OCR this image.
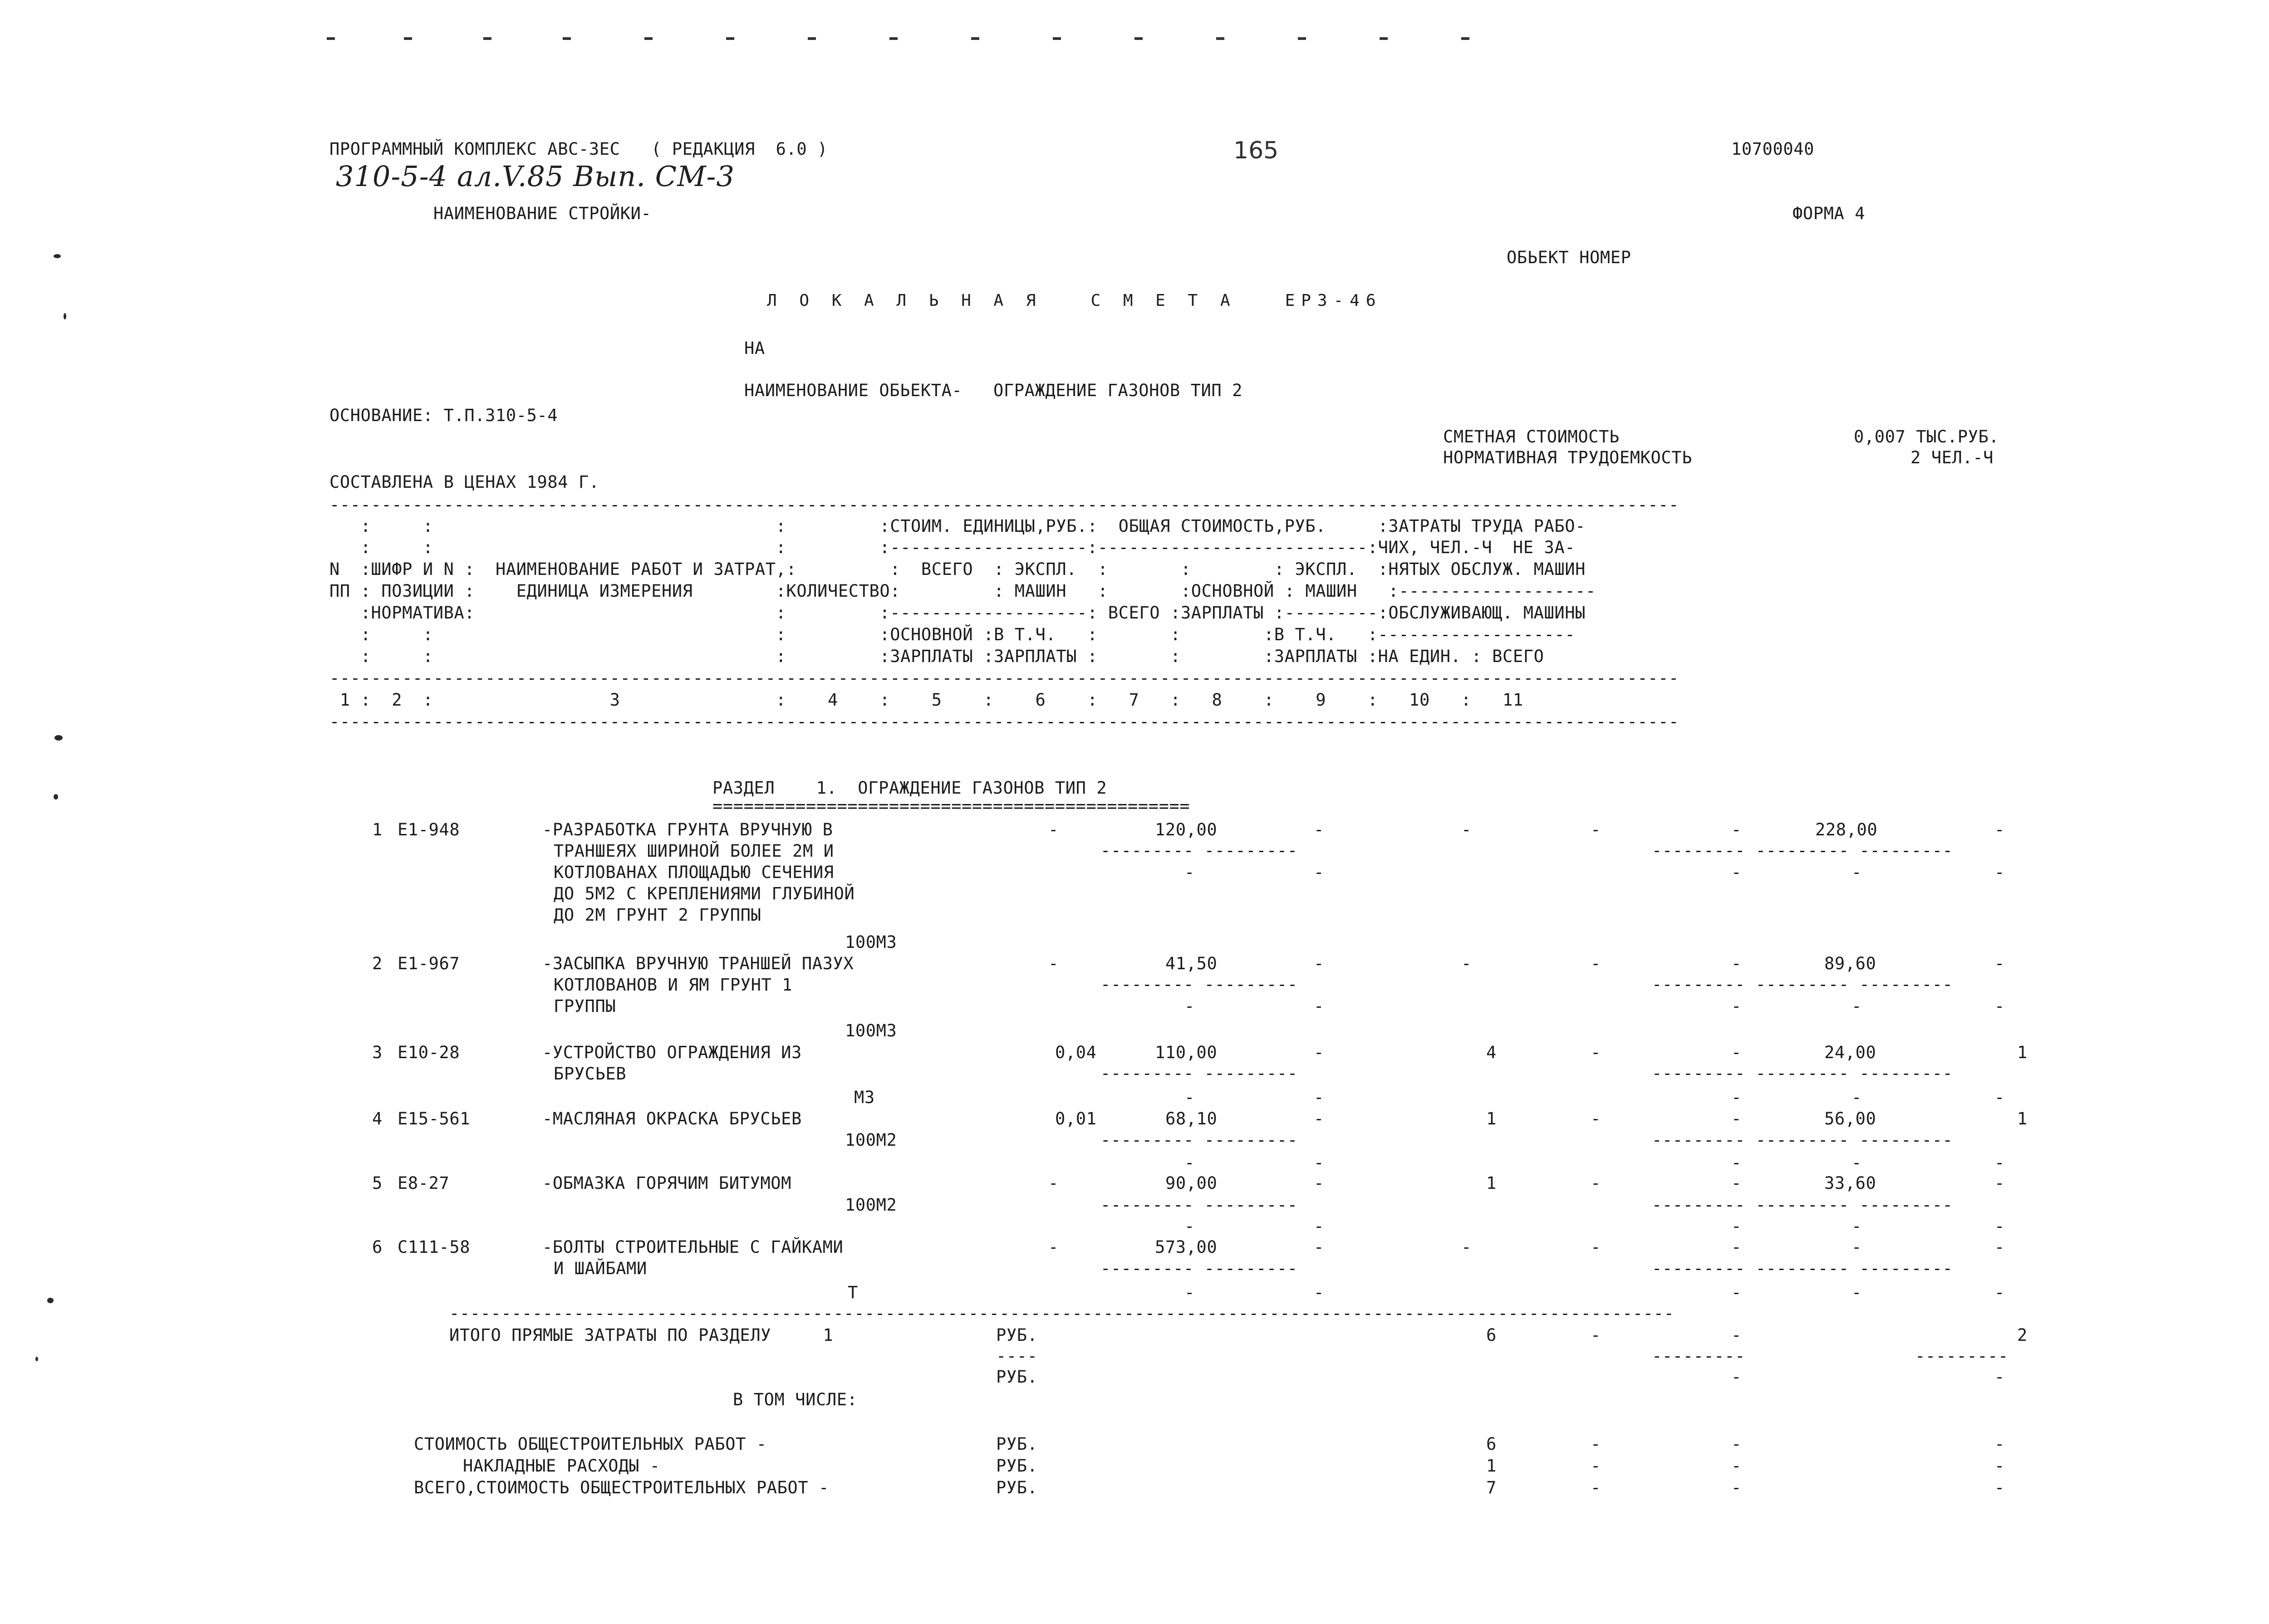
ПРОГРАММНЫЙ КОМПЛЕКС АВС-3ЕС   ( РЕДАКЦИЯ  6.0 )	165	10700040
310-5-4 ал.V.85 Вып. СМ-3
НАИМЕНОВАНИЕ СТРОЙКИ-	ФОРМА 4
ОБЬЕКТ НОМЕР
Л О К А Л Ь Н А Я   С М Е Т А   ЕРЗ-46
НА
НАИМЕНОВАНИЕ ОБЬЕКТА-   ОГРАЖДЕНИЕ ГАЗОНОВ ТИП 2
ОСНОВАНИЕ: Т.П.310-5-4
СМЕТНАЯ СТОИМОСТЬ	0,007 ТЫС.РУБ.
НОРМАТИВНАЯ ТРУДОЕМКОСТЬ	2 ЧЕЛ.-Ч
СОСТАВЛЕНА В ЦЕНАХ 1984 Г.
----------------------------------------------------------------------------------------------------------------------------------
:     :                                 :         :СТОИМ. ЕДИНИЦЫ,РУБ.:  ОБЩАЯ СТОИМОСТЬ,РУБ.     :ЗАТРАТЫ ТРУДА РАБО-
:     :                                 :         :-------------------:--------------------------:ЧИХ, ЧЕЛ.-Ч  НЕ ЗА-
N  :ШИФР И N :  НАИМЕНОВАНИЕ РАБОТ И ЗАТРАТ,:         :  ВСЕГО  : ЭКСПЛ.  :       :        : ЭКСПЛ.  :НЯТЫХ ОБСЛУЖ. МАШИН
ПП : ПОЗИЦИИ :    ЕДИНИЦА ИЗМЕРЕНИЯ        :КОЛИЧЕСТВО:         : МАШИН   :       :ОСНОВНОЙ : МАШИН   :-------------------
:НОРМАТИВА:                             :         :-------------------: ВСЕГО :ЗАРПЛАТЫ :---------:ОБСЛУЖИВАЮЩ. МАШИНЫ
:     :                                 :         :ОСНОВНОЙ :В Т.Ч.   :       :        :В Т.Ч.   :-------------------
:     :                                 :         :ЗАРПЛАТЫ :ЗАРПЛАТЫ :       :        :ЗАРПЛАТЫ :НА ЕДИН. : ВСЕГО
----------------------------------------------------------------------------------------------------------------------------------
1 :  2  :                 3               :    4    :    5    :    6    :   7   :   8    :    9    :   10   :   11
----------------------------------------------------------------------------------------------------------------------------------
РАЗДЕЛ    1.  ОГРАЖДЕНИЕ ГАЗОНОВ ТИП 2
==============================================
1 Е1-948	-РАЗРАБОТКА ГРУНТА ВРУЧНУЮ В
ТРАНШЕЯХ ШИРИНОЙ БОЛЕЕ 2М И
КОТЛОВАНАХ ПЛОЩАДЬЮ СЕЧЕНИЯ
ДО 5М2 С КРЕПЛЕНИЯМИ ГЛУБИНОЙ
ДО 2М ГРУНТ 2 ГРУППЫ
100М3
-	120,00	-	-	-	-	228,00	-
--------- ---------	--------- --------- ---------
-	-	-	-	-
2 Е1-967	-ЗАСЫПКА ВРУЧНУЮ ТРАНШЕЙ ПАЗУХ
КОТЛОВАНОВ И ЯМ ГРУНТ 1
ГРУППЫ
100М3
-	41,50	-	-	-	-	89,60	-
--------- ---------	--------- --------- ---------
-	-	-	-	-
3 Е10-28	-УСТРОЙСТВО ОГРАЖДЕНИЯ ИЗ
БРУСЬЕВ
М3
0,04	110,00	-	4	-	-	24,00	1
--------- ---------	--------- --------- ---------
-	-	-	-	-
4 Е15-561	-МАСЛЯНАЯ ОКРАСКА БРУСЬЕВ
100М2
0,01	68,10	-	1	-	-	56,00	1
--------- ---------	--------- --------- ---------
-	-	-	-	-
5 Е8-27	-ОБМАЗКА ГОРЯЧИМ БИТУМОМ
100М2
-	90,00	-	1	-	-	33,60	-
--------- ---------	--------- --------- ---------
-	-	-	-	-
6 С111-58	-БОЛТЫ СТРОИТЕЛЬНЫЕ С ГАЙКАМИ
И ШАЙБАМИ
Т
-	573,00	-	-	-	-	-	-
--------- ---------	--------- --------- ---------
-	-	-	-	-
----------------------------------------------------------------------------------------------------------------------
ИТОГО ПРЯМЫЕ ЗАТРАТЫ ПО РАЗДЕЛУ     1	РУБ.	6	-	-	2
----	---------	---------
РУБ.	-	-
В ТОМ ЧИСЛЕ:
СТОИМОСТЬ ОБЩЕСТРОИТЕЛЬНЫХ РАБОТ -	РУБ.	6	-	-	-
НАКЛАДНЫЕ РАСХОДЫ -	РУБ.	1	-	-	-
ВСЕГО,СТОИМОСТЬ ОБЩЕСТРОИТЕЛЬНЫХ РАБОТ -	РУБ.	7	-	-	-
